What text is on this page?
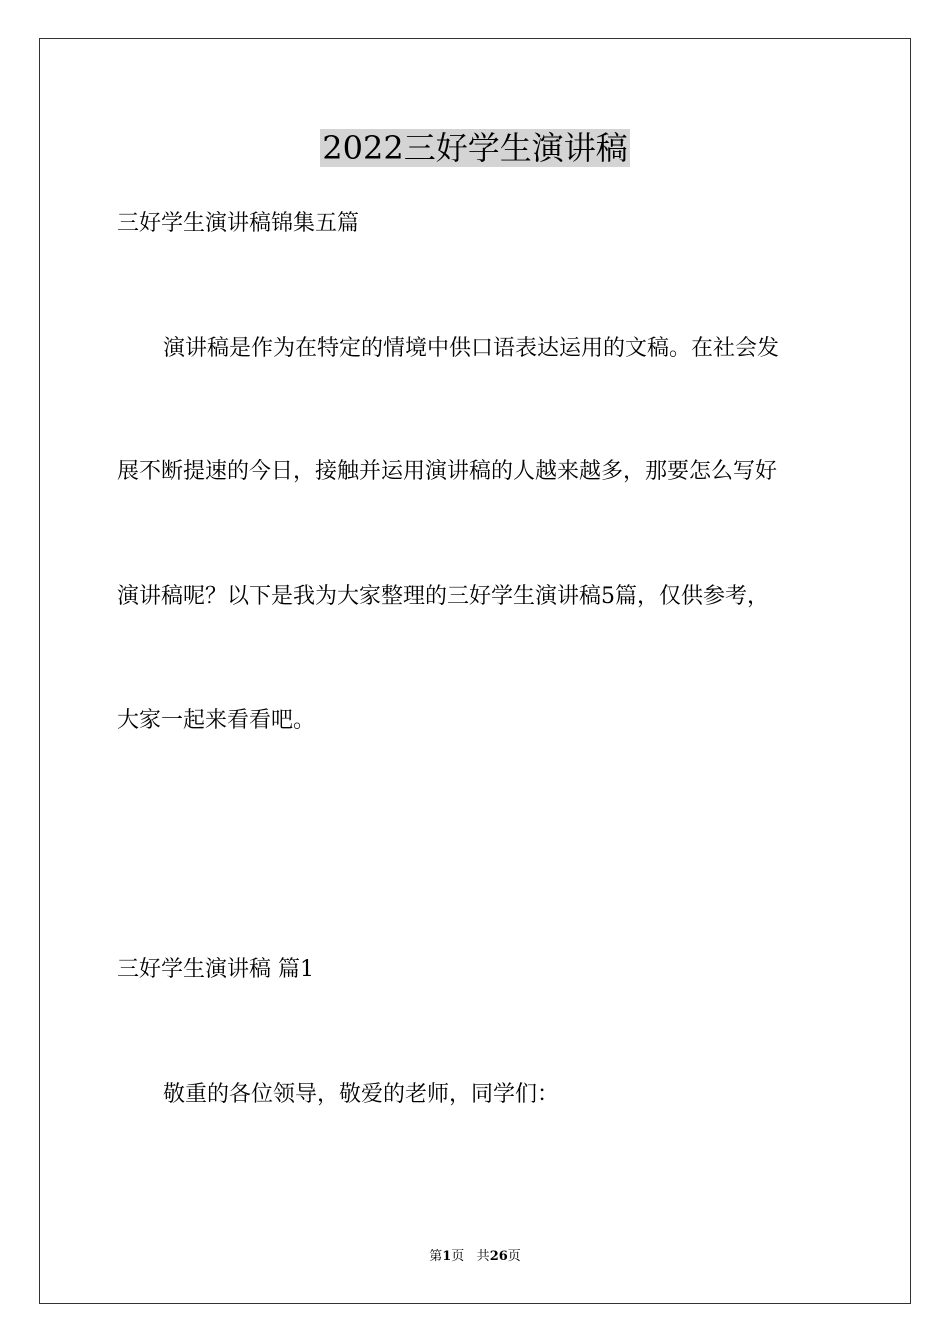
2022三好学生演讲稿
三好学生演讲稿锦集五篇
演讲稿是作为在特定的情境中供口语表达运用的文稿。在社会发
展不断提速的今日，接触并运用演讲稿的人越来越多，那要怎么写好
演讲稿呢？以下是我为大家整理的三好学生演讲稿5篇，仅供参考，
大家一起来看看吧。
三好学生演讲稿 篇1
敬重的各位领导，敬爱的老师，同学们：
第1页 共26页
